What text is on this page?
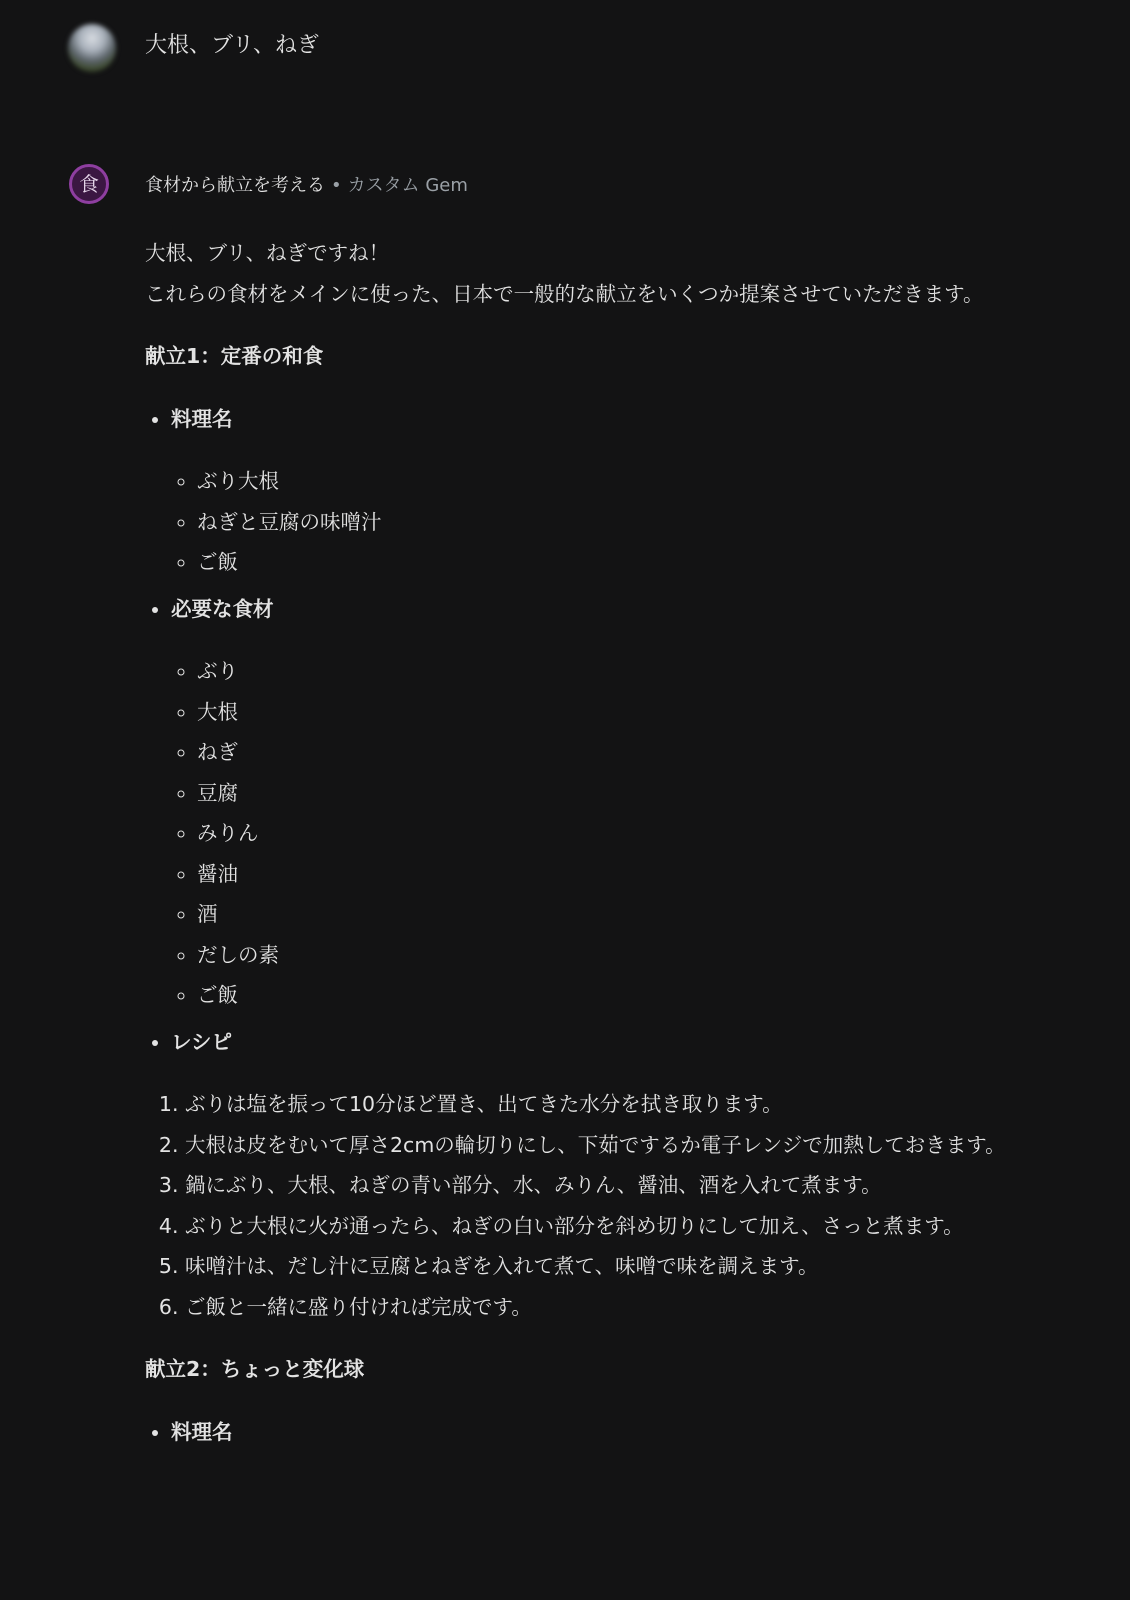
大根、ブリ、ねぎ
食	食材から献立を考える • カスタム Gem

大根、ブリ、ねぎですね！

これらの食材をメインに使った、日本で一般的な献立をいくつか提案させていただきます。

献立1：定番の和食

• 料理名
◦ ぶり大根
◦ ねぎと豆腐の味噌汁
◦ ご飯
• 必要な食材
◦ ぶり
◦ 大根
◦ ねぎ
◦ 豆腐
◦ みりん
◦ 醤油
◦ 酒
◦ だしの素
◦ ご飯
• レシピ
1. ぶりは塩を振って10分ほど置き、出てきた水分を拭き取ります。
2. 大根は皮をむいて厚さ2cmの輪切りにし、下茹でするか電子レンジで加熱しておきます。
3. 鍋にぶり、大根、ねぎの青い部分、水、みりん、醤油、酒を入れて煮ます。
4. ぶりと大根に火が通ったら、ねぎの白い部分を斜め切りにして加え、さっと煮ます。
5. 味噌汁は、だし汁に豆腐とねぎを入れて煮て、味噌で味を調えます。
6. ご飯と一緒に盛り付ければ完成です。

献立2：ちょっと変化球

• 料理名
